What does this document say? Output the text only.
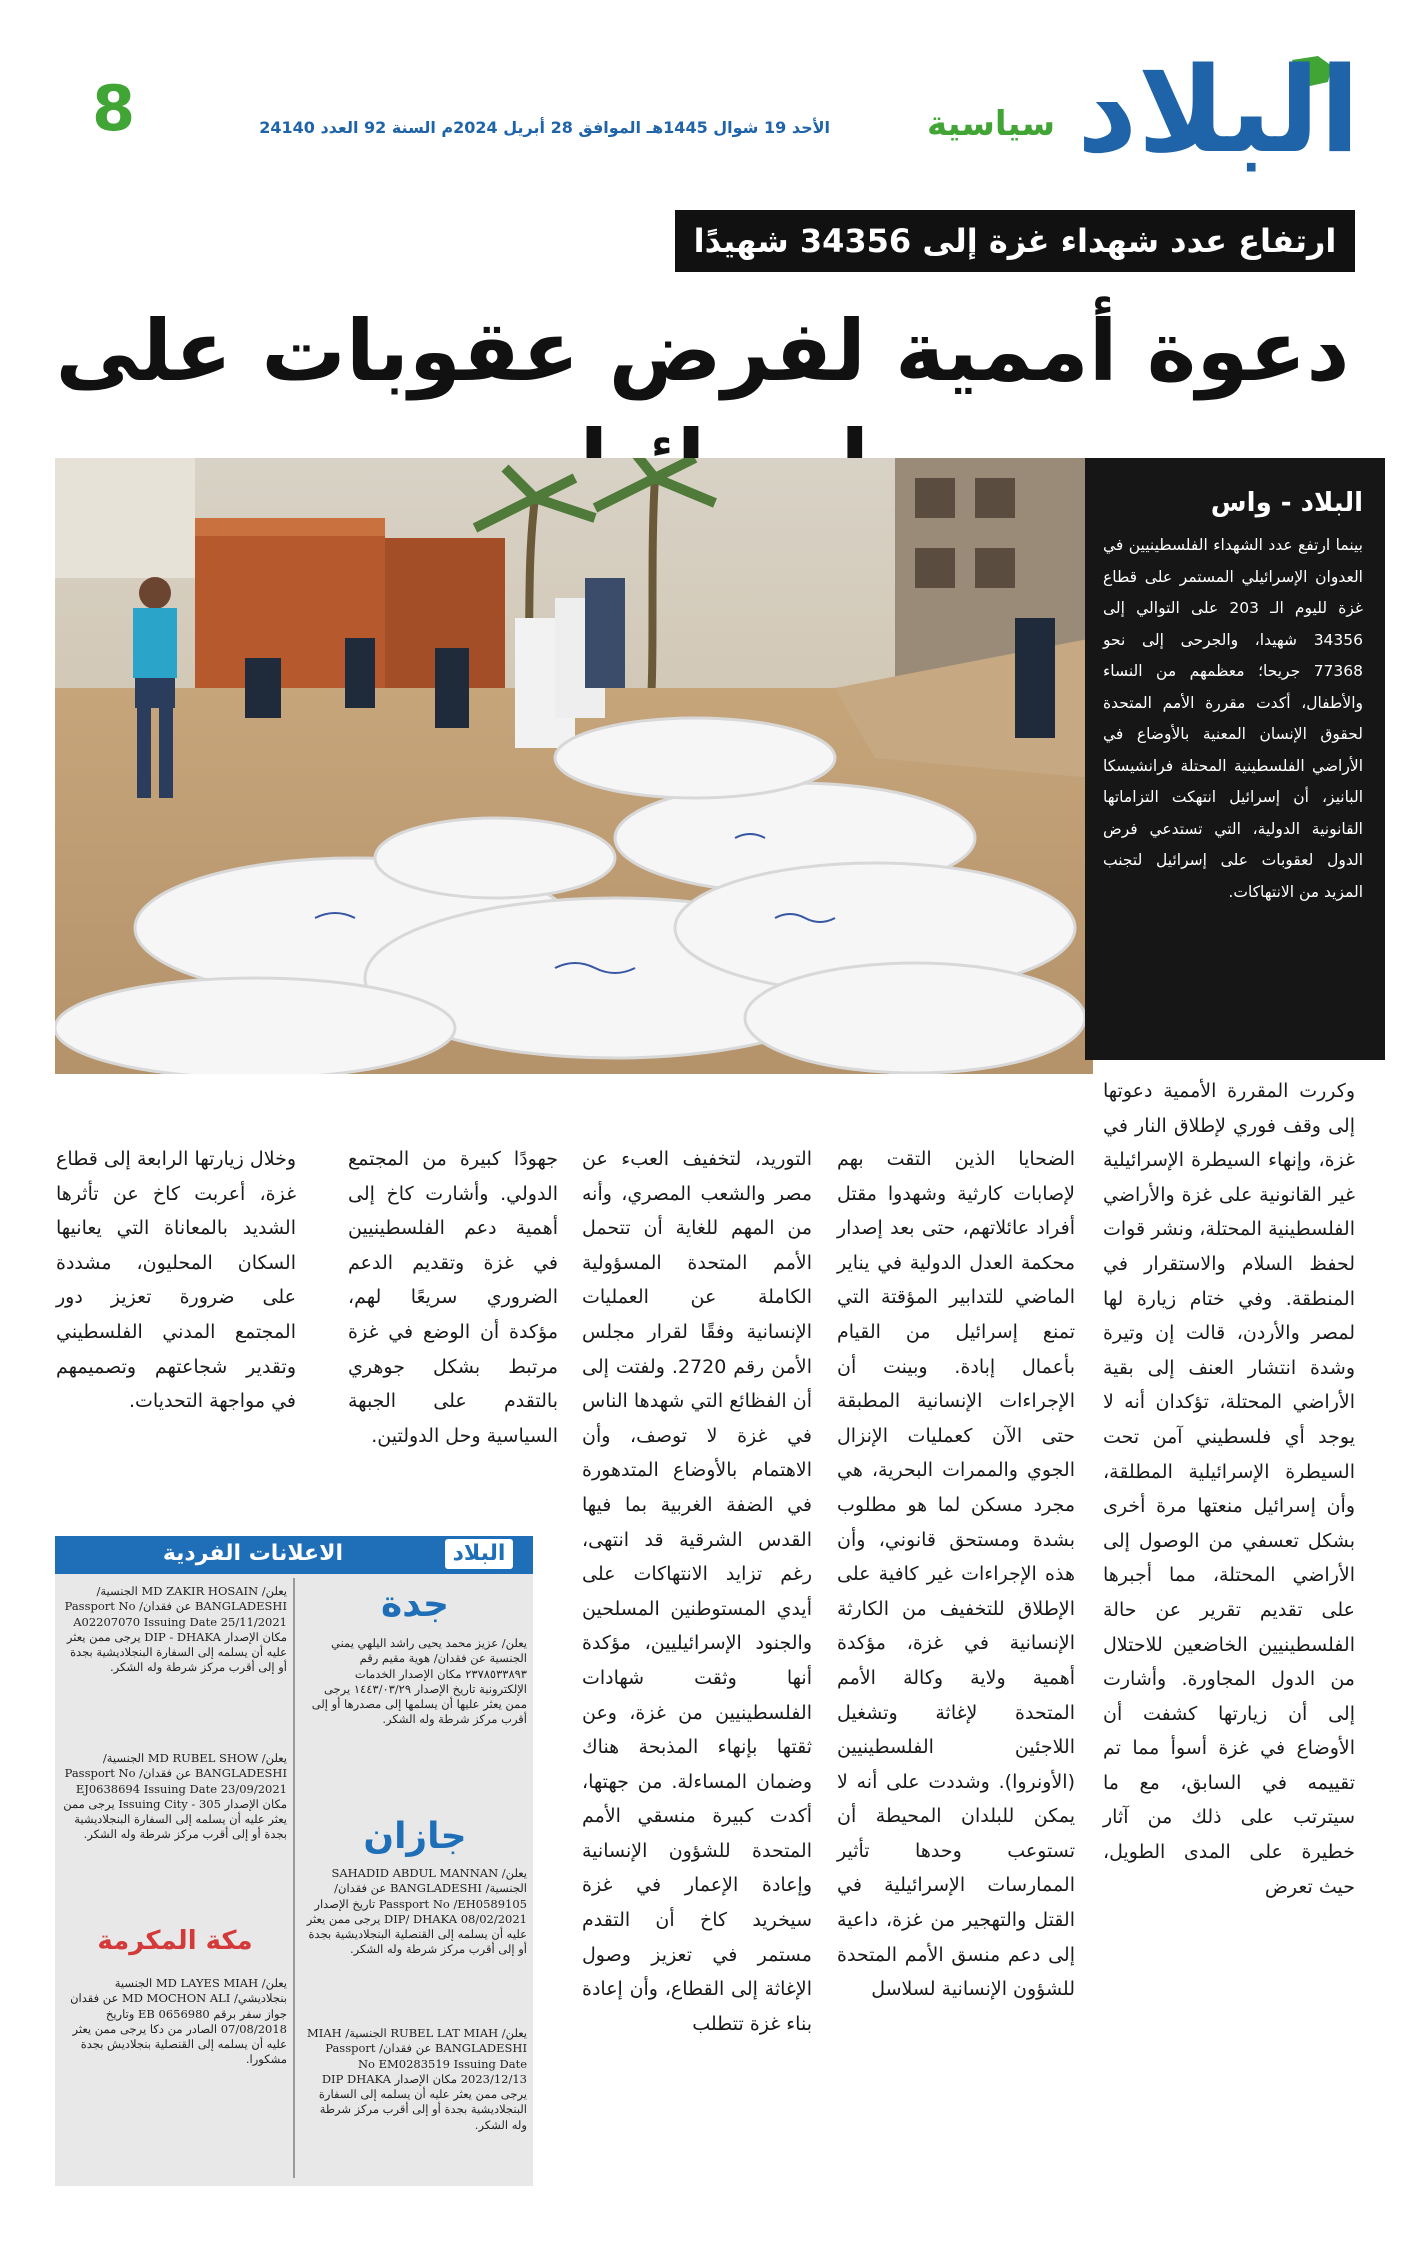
البلاد
سياسية
الأحد 19 شوال 1445هـ الموافق 28 أبريل 2024م السنة 92 العدد 24140
8
ارتفاع عدد شهداء غزة إلى 34356 شهيدًا
دعوة أممية لفرض عقوبات على
البلاد - واس
بينما ارتفع عدد الشهداء الفلسطينيين في العدوان الإسرائيلي المستمر على قطاع غزة لليوم الـ 203 على التوالي إلى 34356 شهيدا، والجرحى إلى نحو 77368 جريحا؛ معظمهم من النساء والأطفال، أكدت مقررة الأمم المتحدة لحقوق الإنسان المعنية بالأوضاع في الأراضي الفلسطينية المحتلة فرانشيسكا البانيز، أن إسرائيل انتهكت التزاماتها القانونية الدولية، التي تستدعي فرض الدول لعقوبات على إسرائيل لتجنب المزيد من الانتهاكات.

وكررت المقررة الأممية دعوتها إلى وقف فوري لإطلاق النار في غزة، وإنهاء السيطرة الإسرائيلية غير القانونية على غزة والأراضي الفلسطينية المحتلة، ونشر قوات لحفظ السلام والاستقرار في المنطقة. وفي ختام زيارة لها لمصر والأردن، قالت إن وتيرة وشدة انتشار العنف إلى بقية الأراضي المحتلة، تؤكدان أنه لا يوجد أي فلسطيني آمن تحت السيطرة الإسرائيلية المطلقة، وأن إسرائيل منعتها مرة أخرى بشكل تعسفي من الوصول إلى الأراضي المحتلة، مما أجبرها على تقديم تقرير عن حالة الفلسطينيين الخاضعين للاحتلال من الدول المجاورة. وأشارت إلى أن زيارتها كشفت أن الأوضاع في غزة أسوأ مما تم تقييمه في السابق، مع ما سيترتب على ذلك من آثار خطيرة على المدى الطويل، حيث تعرض

الضحايا الذين التقت بهم لإصابات كارثية وشهدوا مقتل أفراد عائلاتهم، حتى بعد إصدار محكمة العدل الدولية في يناير الماضي للتدابير المؤقتة التي تمنع إسرائيل من القيام بأعمال إبادة. وبينت أن الإجراءات الإنسانية المطبقة حتى الآن كعمليات الإنزال الجوي والممرات البحرية، هي مجرد مسكن لما هو مطلوب بشدة ومستحق قانوني، وأن هذه الإجراءات غير كافية على الإطلاق للتخفيف من الكارثة الإنسانية في غزة، مؤكدة أهمية ولاية وكالة الأمم المتحدة لإغاثة وتشغيل اللاجئين الفلسطينيين (الأونروا). وشددت على أنه لا يمكن للبلدان المحيطة أن تستوعب وحدها تأثير الممارسات الإسرائيلية في القتل والتهجير من غزة، داعية إلى دعم منسق الأمم المتحدة للشؤون الإنسانية لسلاسل

التوريد، لتخفيف العبء عن مصر والشعب المصري، وأنه من المهم للغاية أن تتحمل الأمم المتحدة المسؤولية الكاملة عن العمليات الإنسانية وفقًا لقرار مجلس الأمن رقم 2720. ولفتت إلى أن الفظائع التي شهدها الناس في غزة لا توصف، وأن الاهتمام بالأوضاع المتدهورة في الضفة الغربية بما فيها القدس الشرقية قد انتهى، رغم تزايد الانتهاكات على أيدي المستوطنين المسلحين والجنود الإسرائيليين، مؤكدة أنها وثقت شهادات الفلسطينيين من غزة، وعن ثقتها بإنهاء المذبحة هناك وضمان المساءلة. من جهتها، أكدت كبيرة منسقي الأمم المتحدة للشؤون الإنسانية وإعادة الإعمار في غزة سيخريد كاخ أن التقدم مستمر في تعزيز وصول الإغاثة إلى القطاع، وأن إعادة بناء غزة تتطلب

جهودًا كبيرة من المجتمع الدولي. وأشارت كاخ إلى أهمية دعم الفلسطينيين في غزة وتقديم الدعم الضروري سريعًا لهم، مؤكدة أن الوضع في غزة مرتبط بشكل جوهري بالتقدم على الجبهة السياسية وحل الدولتين.

وخلال زيارتها الرابعة إلى قطاع غزة، أعربت كاخ عن تأثرها الشديد بالمعاناة التي يعانيها السكان المحليون، مشددة على ضرورة تعزيز دور المجتمع المدني الفلسطيني وتقدير شجاعتهم وتصميمهم في مواجهة التحديات.

الاعلانات الفردية	البلاد
جدة
يعلن/ عزيز محمد يحيى راشد اليلهي يمني الجنسية عن فقدان/ هوية مقيم رقم ٢٣٧٨٥٣٣٨٩٣ مكان الإصدار الخدمات الإلكترونية تاريخ الإصدار ١٤٤٣/٠٣/٢٩ يرجى ممن يعثر عليها أن يسلمها إلى مصدرها أو إلى أقرب مركز شرطة وله الشكر.
يعلن/ MD ZAKIR HOSAIN الجنسية/ BANGLADESHI عن فقدان/ Passport No A02207070 Issuing Date 25/11/2021 مكان الإصدار DIP - DHAKA يرجى ممن يعثر عليه أن يسلمه إلى السفارة البنجلاديشية بجدة أو إلى أقرب مركز شرطة وله الشكر.
يعلن/ MD RUBEL SHOW الجنسية/ BANGLADESHI عن فقدان/ Passport No EJ0638694 Issuing Date 23/09/2021 مكان الإصدار Issuing City - 305 يرجى ممن يعثر عليه أن يسلمه إلى السفارة البنجلاديشية بجدة أو إلى أقرب مركز شرطة وله الشكر.	جازان
يعلن/ SAHADID ABDUL MANNAN الجنسية/ BANGLADESHI عن فقدان/ Passport No /EH0589105 تاريخ الإصدار 08/02/2021 DIP/ DHAKA يرجى ممن يعثر عليه أن يسلمه إلى القنصلية البنجلاديشية بجدة أو إلى أقرب مركز شرطة وله الشكر.
يعلن/ RUBEL LAT MIAH الجنسية/ MIAH BANGLADESHI عن فقدان/ Passport No EM0283519 Issuing Date 2023/12/13 مكان الإصدار DIP DHAKA يرجى ممن يعثر عليه أن يسلمه إلى السفارة البنجلاديشية بجدة أو إلى أقرب مركز شرطة وله الشكر.
مكة المكرمة
يعلن/ MD LAYES MIAH الجنسية بنجلاديشي/ MD MOCHON ALI عن فقدان جواز سفر برقم EB 0656980 وتاريخ 07/08/2018 الصادر من دكا يرجى ممن يعثر عليه أن يسلمه إلى القنصلية بنجلاديش بجدة مشكورا.
